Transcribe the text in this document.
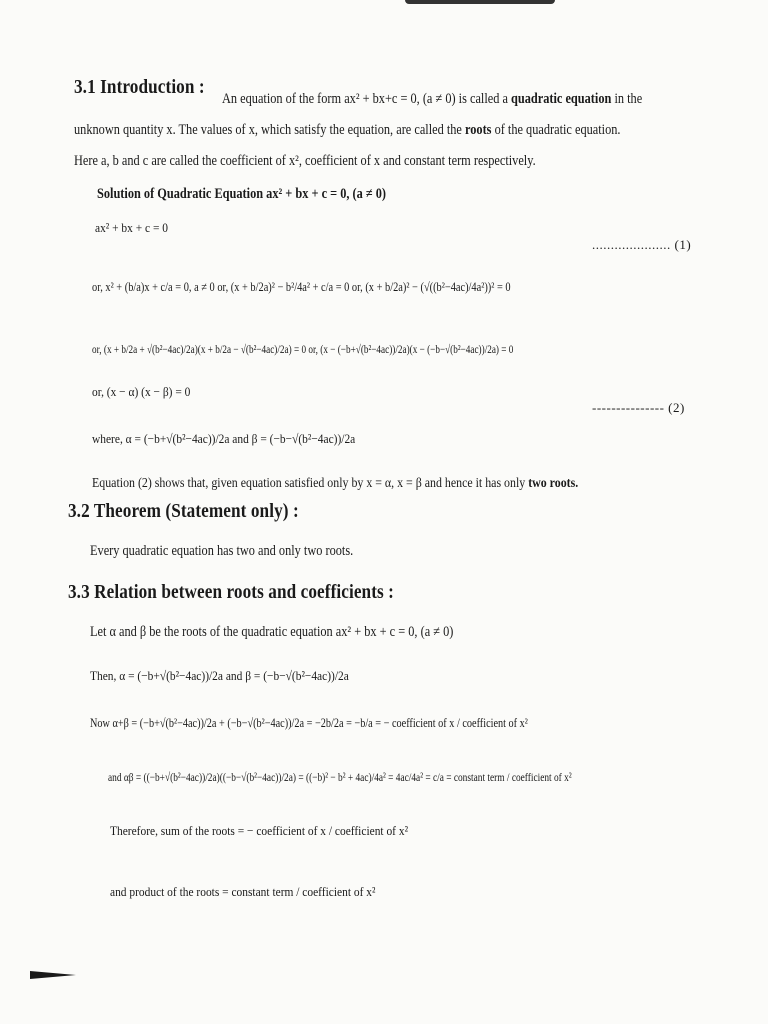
3.1 Introduction :
An equation of the form ax² + bx+c = 0, (a ≠ 0) is called a quadratic equation in the
unknown quantity x. The values of x, which satisfy the equation, are called the roots of the quadratic equation.
Here a, b and c are called the coefficient of x², coefficient of x and constant term respectively.
Solution of Quadratic Equation ax² + bx + c = 0, (a ≠ 0)
ax² + bx + c = 0
..................... (1)
or, x² + (b/a)x + c/a = 0, a ≠ 0 or, (x + b/2a)² − b²/4a² + c/a = 0 or, (x + b/2a)² − (√((b²−4ac)/4a²))² = 0
or, (x + b/2a + √(b²−4ac)/2a)(x + b/2a − √(b²−4ac)/2a) = 0 or, (x − (−b+√(b²−4ac))/2a)(x − (−b−√(b²−4ac))/2a) = 0
or, (x − α) (x − β) = 0
--------------- (2)
where, α = (−b+√(b²−4ac))/2a and β = (−b−√(b²−4ac))/2a
Equation (2) shows that, given equation satisfied only by x = α, x = β and hence it has only two roots.
3.2 Theorem (Statement only) :
Every quadratic equation has two and only two roots.
3.3 Relation between roots and coefficients :
Let α and β be the roots of the quadratic equation ax² + bx + c = 0, (a ≠ 0)
Then, α = (−b+√(b²−4ac))/2a and β = (−b−√(b²−4ac))/2a
Now α+β = (−b+√(b²−4ac))/2a + (−b−√(b²−4ac))/2a = −2b/2a = −b/a = − coefficient of x / coefficient of x²
and αβ = ((−b+√(b²−4ac))/2a)((−b−√(b²−4ac))/2a) = ((−b)² − b² + 4ac)/4a² = 4ac/4a² = c/a = constant term / coefficient of x²
Therefore, sum of the roots = − coefficient of x / coefficient of x²
and product of the roots = constant term / coefficient of x²
